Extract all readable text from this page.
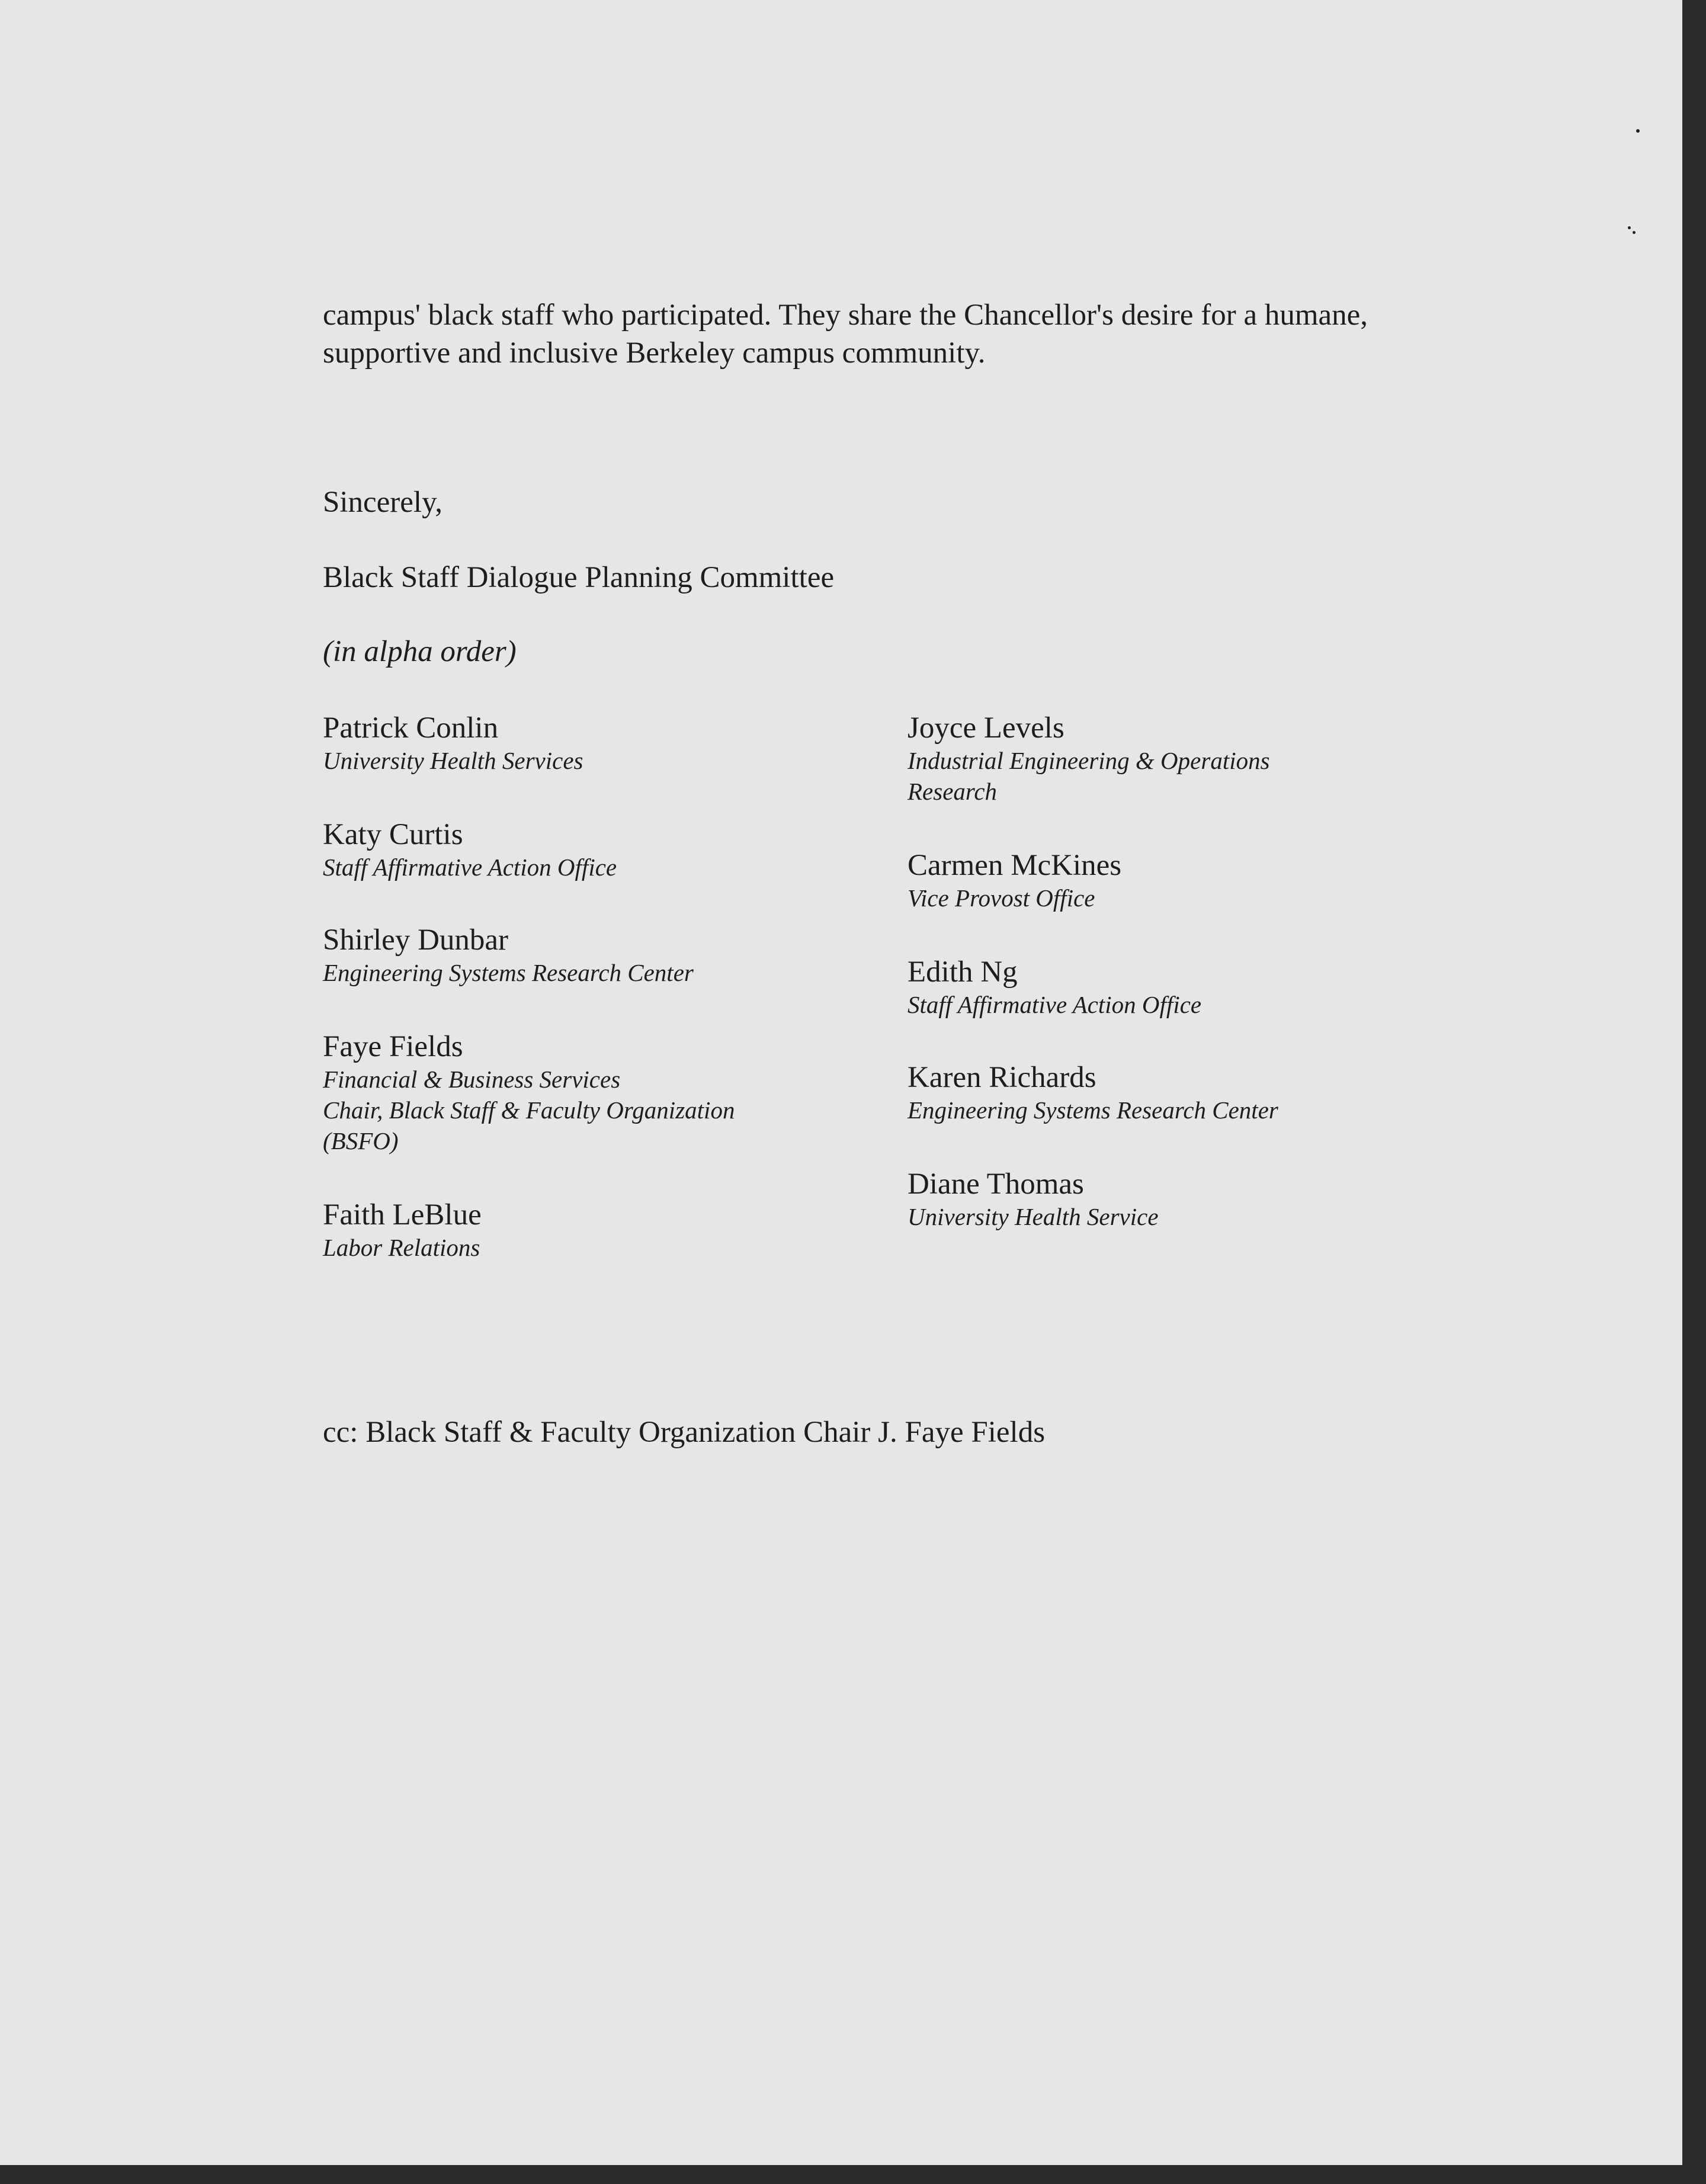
campus' black staff who participated. They share the Chancellor's desire for a humane, supportive and inclusive Berkeley campus community.

Sincerely,

Black Staff Dialogue Planning Committee

(in alpha order)

Patrick Conlin
University Health Services
Katy Curtis
Staff Affirmative Action Office
Shirley Dunbar
Engineering Systems Research Center
Faye Fields
Financial & Business Services
Chair, Black Staff & Faculty Organization
(BSFO)
Faith LeBlue
Labor Relations
Joyce Levels
Industrial Engineering & Operations
Research
Carmen McKines
Vice Provost Office
Edith Ng
Staff Affirmative Action Office
Karen Richards
Engineering Systems Research Center
Diane Thomas
University Health Service

cc: Black Staff & Faculty Organization Chair J. Faye Fields
